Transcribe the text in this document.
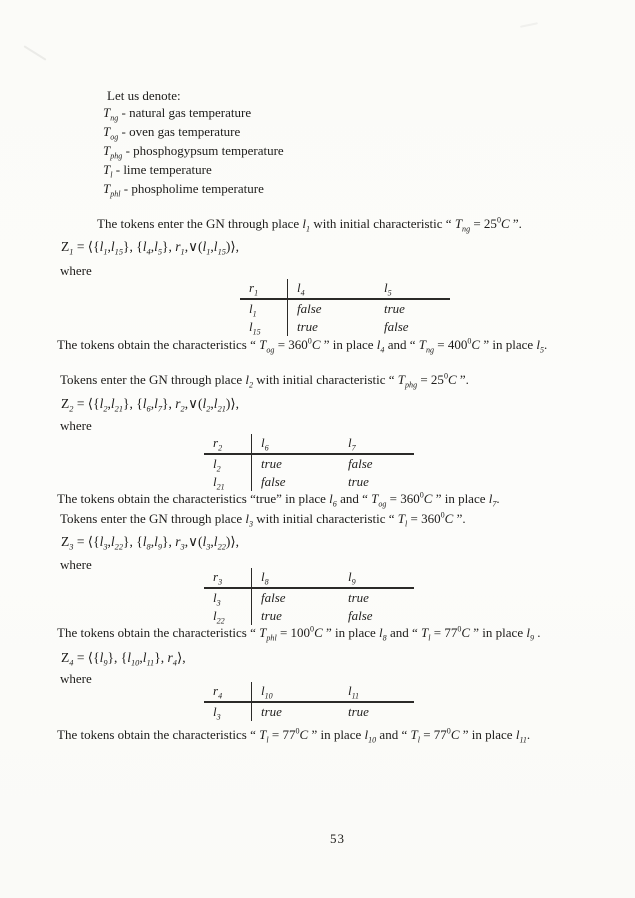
Let us denote:
$T_{ng}$ - natural gas temperature
$T_{og}$ - oven gas temperature
$T_{phg}$ - phosphogypsum temperature
$T_l$ - lime temperature
$T_{phl}$ - phospholime temperature
The tokens enter the GN through place $l_1$ with initial characteristic “ $T_{ng} = 25^0C$ ”.
$Z_1$ = $⟨\{l_1,l_{15}\}$, $\{l_4,l_5\}$, $r_1,\vee(l_1,l_{15})⟩$,
where
$r_1$	$l_4$	$l_5$
$l_1$	false	true
$l_{15}$	true	false
The tokens obtain the characteristics “ $T_{og} = 360^0C$ ” in place $l_4$ and “ $T_{ng} = 400^0C$ ” in place $l_5$.
Tokens enter the GN through place $l_2$ with initial characteristic “ $T_{phg} = 25^0C$ ”.
$Z_2$ = $⟨\{l_2,l_{21}\}$, $\{l_6,l_7\}$, $r_2,\vee(l_2,l_{21})⟩$,
where
$r_2$	$l_6$	$l_7$
$l_2$	true	false
$l_{21}$	false	true
The tokens obtain the characteristics “true” in place $l_6$ and “ $T_{og} = 360^0C$ ” in place $l_7$.
Tokens enter the GN through place $l_3$ with initial characteristic “ $T_l = 360^0C$ ”.
$Z_3$ = $⟨\{l_3,l_{22}\}$, $\{l_8,l_9\}$, $r_3,\vee(l_3,l_{22})⟩$,
where
$r_3$	$l_8$	$l_9$
$l_3$	false	true
$l_{22}$	true	false
The tokens obtain the characteristics “ $T_{phl} = 100^0C$ ” in place $l_8$ and “ $T_l = 77^0C$ ” in place $l_9$ .
$Z_4$ = $⟨\{l_9\}$, $\{l_{10},l_{11}\}$, $r_4⟩$,
where
$r_4$	$l_{10}$	$l_{11}$
$l_3$	true	true
The tokens obtain the characteristics “ $T_l = 77^0C$ ” in place $l_{10}$ and “ $T_l = 77^0C$ ” in place $l_{11}$.
53
